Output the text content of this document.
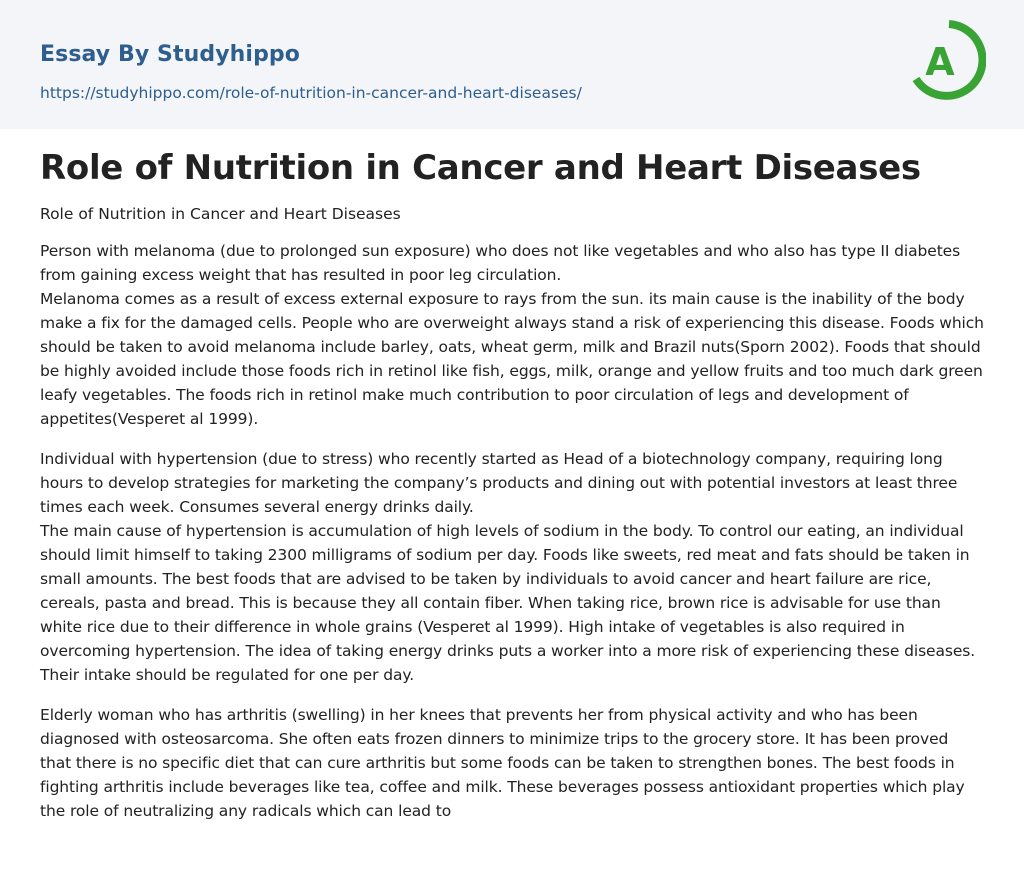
Essay By Studyhippo
https://studyhippo.com/role-of-nutrition-in-cancer-and-heart-diseases/
A
Role of Nutrition in Cancer and Heart Diseases
Role of Nutrition in Cancer and Heart Diseases

Person with melanoma (due to prolonged sun exposure) who does not like vegetables and who also has type II diabetes from gaining excess weight that has resulted in poor leg circulation.

Melanoma comes as a result of excess external exposure to rays from the sun. its main cause is the inability of the body make a fix for the damaged cells. People who are overweight always stand a risk of experiencing this disease. Foods which should be taken to avoid melanoma include barley, oats, wheat germ, milk and Brazil nuts(Sporn 2002). Foods that should be highly avoided include those foods rich in retinol like fish, eggs, milk, orange and yellow fruits and too much dark green leafy vegetables. The foods rich in retinol make much contribution to poor circulation of legs and development of appetites(Vesperet al 1999).

Individual with hypertension (due to stress) who recently started as Head of a biotechnology company, requiring long hours to develop strategies for marketing the company’s products and dining out with potential investors at least three times each week. Consumes several energy drinks daily.

The main cause of hypertension is accumulation of high levels of sodium in the body. To control our eating, an individual should limit himself to taking 2300 milligrams of sodium per day. Foods like sweets, red meat and fats should be taken in small amounts. The best foods that are advised to be taken by individuals to avoid cancer and heart failure are rice, cereals, pasta and bread. This is because they all contain fiber. When taking rice, brown rice is advisable for use than white rice due to their difference in whole grains (Vesperet al 1999). High intake of vegetables is also required in overcoming hypertension. The idea of taking energy drinks puts a worker into a more risk of experiencing these diseases. Their intake should be regulated for one per day.

Elderly woman who has arthritis (swelling) in her knees that prevents her from physical activity and who has been diagnosed with osteosarcoma. She often eats frozen dinners to minimize trips to the grocery store. It has been proved that there is no specific diet that can cure arthritis but some foods can be taken to strengthen bones. The best foods in fighting arthritis include beverages like tea, coffee and milk. These beverages possess antioxidant properties which play the role of neutralizing any radicals which can lead to
